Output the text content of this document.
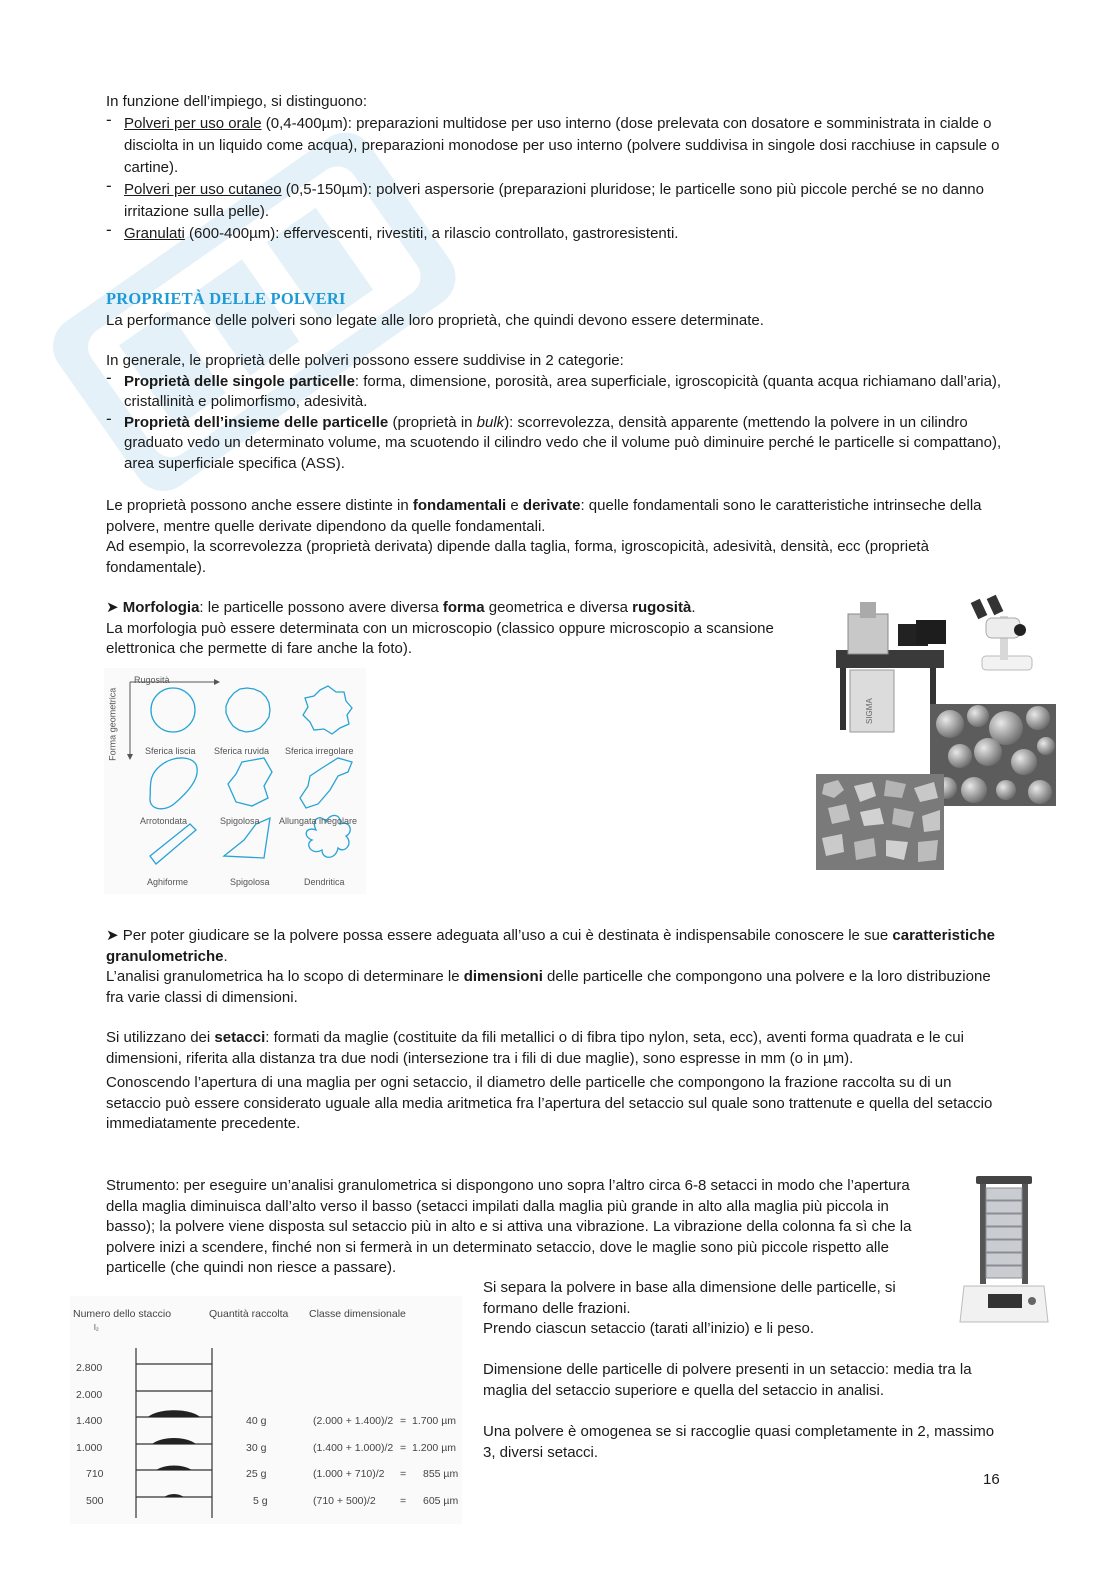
In funzione dell’impiego, si distinguono:

- Polveri per uso orale (0,4-400µm): preparazioni multidose per uso interno (dose prelevata con dosatore e somministrata in cialde o disciolta in un liquido come acqua), preparazioni monodose per uso interno (polvere suddivisa in singole dosi racchiuse in capsule o cartine).
- Polveri per uso cutaneo (0,5-150µm): polveri aspersorie (preparazioni pluridose; le particelle sono più piccole perché se no danno irritazione sulla pelle).
- Granulati (600-400µm): effervescenti, rivestiti, a rilascio controllato, gastroresistenti.
PROPRIETÀ DELLE POLVERI
La performance delle polveri sono legate alle loro proprietà, che quindi devono essere determinate.

In generale, le proprietà delle polveri possono essere suddivise in 2 categorie:

- Proprietà delle singole particelle: forma, dimensione, porosità, area superficiale, igroscopicità (quanta acqua richiamano dall’aria), cristallinità e polimorfismo, adesività.
- Proprietà dell’insieme delle particelle (proprietà in bulk): scorrevolezza, densità apparente (mettendo la polvere in un cilindro graduato vedo un determinato volume, ma scuotendo il cilindro vedo che il volume può diminuire perché le particelle si compattano), area superficiale specifica (ASS).

Le proprietà possono anche essere distinte in fondamentali e derivate: quelle fondamentali sono le caratteristiche intrinseche della polvere, mentre quelle derivate dipendono da quelle fondamentali.

Ad esempio, la scorrevolezza (proprietà derivata) dipende dalla taglia, forma, igroscopicità, adesività, densità, ecc (proprietà fondamentale).

➤ Morfologia: le particelle possono avere diversa forma geometrica e diversa rugosità.

La morfologia può essere determinata con un microscopio (classico oppure microscopio a scansione elettronica che permette di fare anche la foto).

Rugosità
Forma geometrica	Sferica liscia Sferica ruvida Sferica irregolare
Arrotondata	Spigolosa Allungata irregolare
Aghiforme	Spigolosa	Dendritica
SIGMA

➤ Per poter giudicare se la polvere possa essere adeguata all’uso a cui è destinata è indispensabile conoscere le sue caratteristiche granulometriche.

L’analisi granulometrica ha lo scopo di determinare le dimensioni delle particelle che compongono una polvere e la loro distribuzione fra varie classi di dimensioni.

Si utilizzano dei setacci: formati da maglie (costituite da fili metallici o di fibra tipo nylon, seta, ecc), aventi forma quadrata e le cui dimensioni, riferita alla distanza tra due nodi (intersezione tra i fili di due maglie), sono espresse in mm (o in µm).

Conoscendo l’apertura di una maglia per ogni setaccio, il diametro delle particelle che compongono la frazione raccolta su di un setaccio può essere considerato uguale alla media aritmetica fra l’apertura del setaccio sul quale sono trattenute e quella del setaccio immediatamente precedente.

Strumento: per eseguire un’analisi granulometrica si dispongono uno sopra l’altro circa 6-8 setacci in modo che l’apertura della maglia diminuisca dall’alto verso il basso (setacci impilati dalla maglia più grande in alto alla maglia più piccola in basso); la polvere viene disposta sul setaccio più in alto e si attiva una vibrazione. La vibrazione della colonna fa sì che la polvere inizi a scendere, finché non si fermerà in un determinato setaccio, dove le maglie sono più piccole rispetto alle particelle (che quindi non riesce a passare).
Numero dello staccio
l₂
Quantità raccolta Classe dimensionale
2.800
2.000
1.400	40 g	(2.000 + 1.400)/2 = 1.700 µm
1.000	30 g	(1.400 + 1.000)/2 = 1.200 µm
710	25 g	(1.000 + 710)/2 = 855 µm
500	5 g	(710 + 500)/2 = 605 µm

Si separa la polvere in base alla dimensione delle particelle, si formano delle frazioni.

Prendo ciascun setaccio (tarati all’inizio) e li peso.

Dimensione delle particelle di polvere presenti in un setaccio: media tra la maglia del setaccio superiore e quella del setaccio in analisi.
Una polvere è omogenea se si raccoglie quasi completamente in 2, massimo 3, diversi setacci.
16
